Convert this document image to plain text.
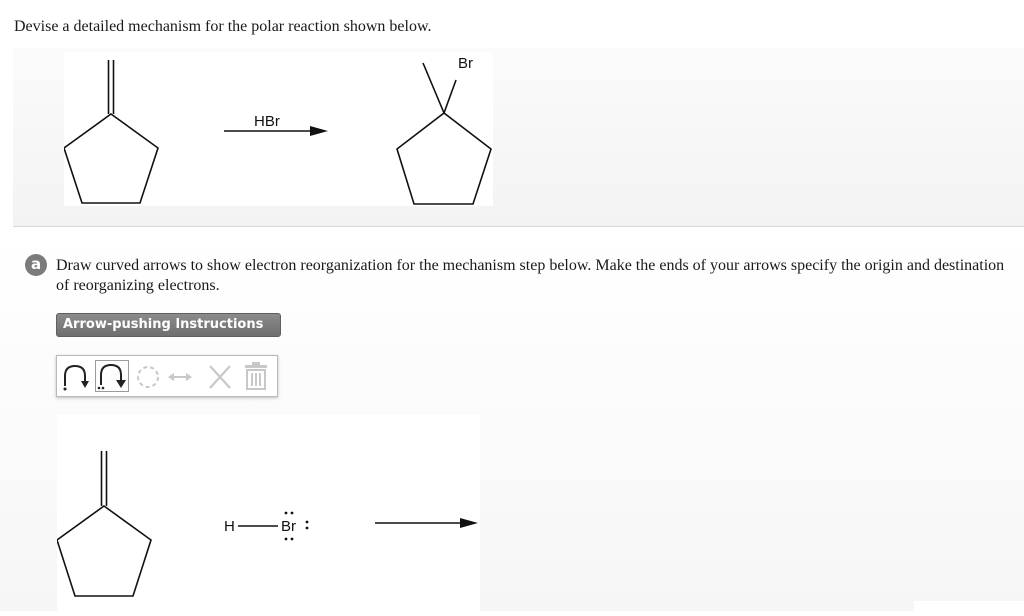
Devise a detailed mechanism for the polar reaction shown below.
HBr
Br
a Draw curved arrows to show electron reorganization for the mechanism step below. Make the ends of your arrows specify the origin and destination of reorganizing electrons.
Arrow-pushing Instructions
H	Br
